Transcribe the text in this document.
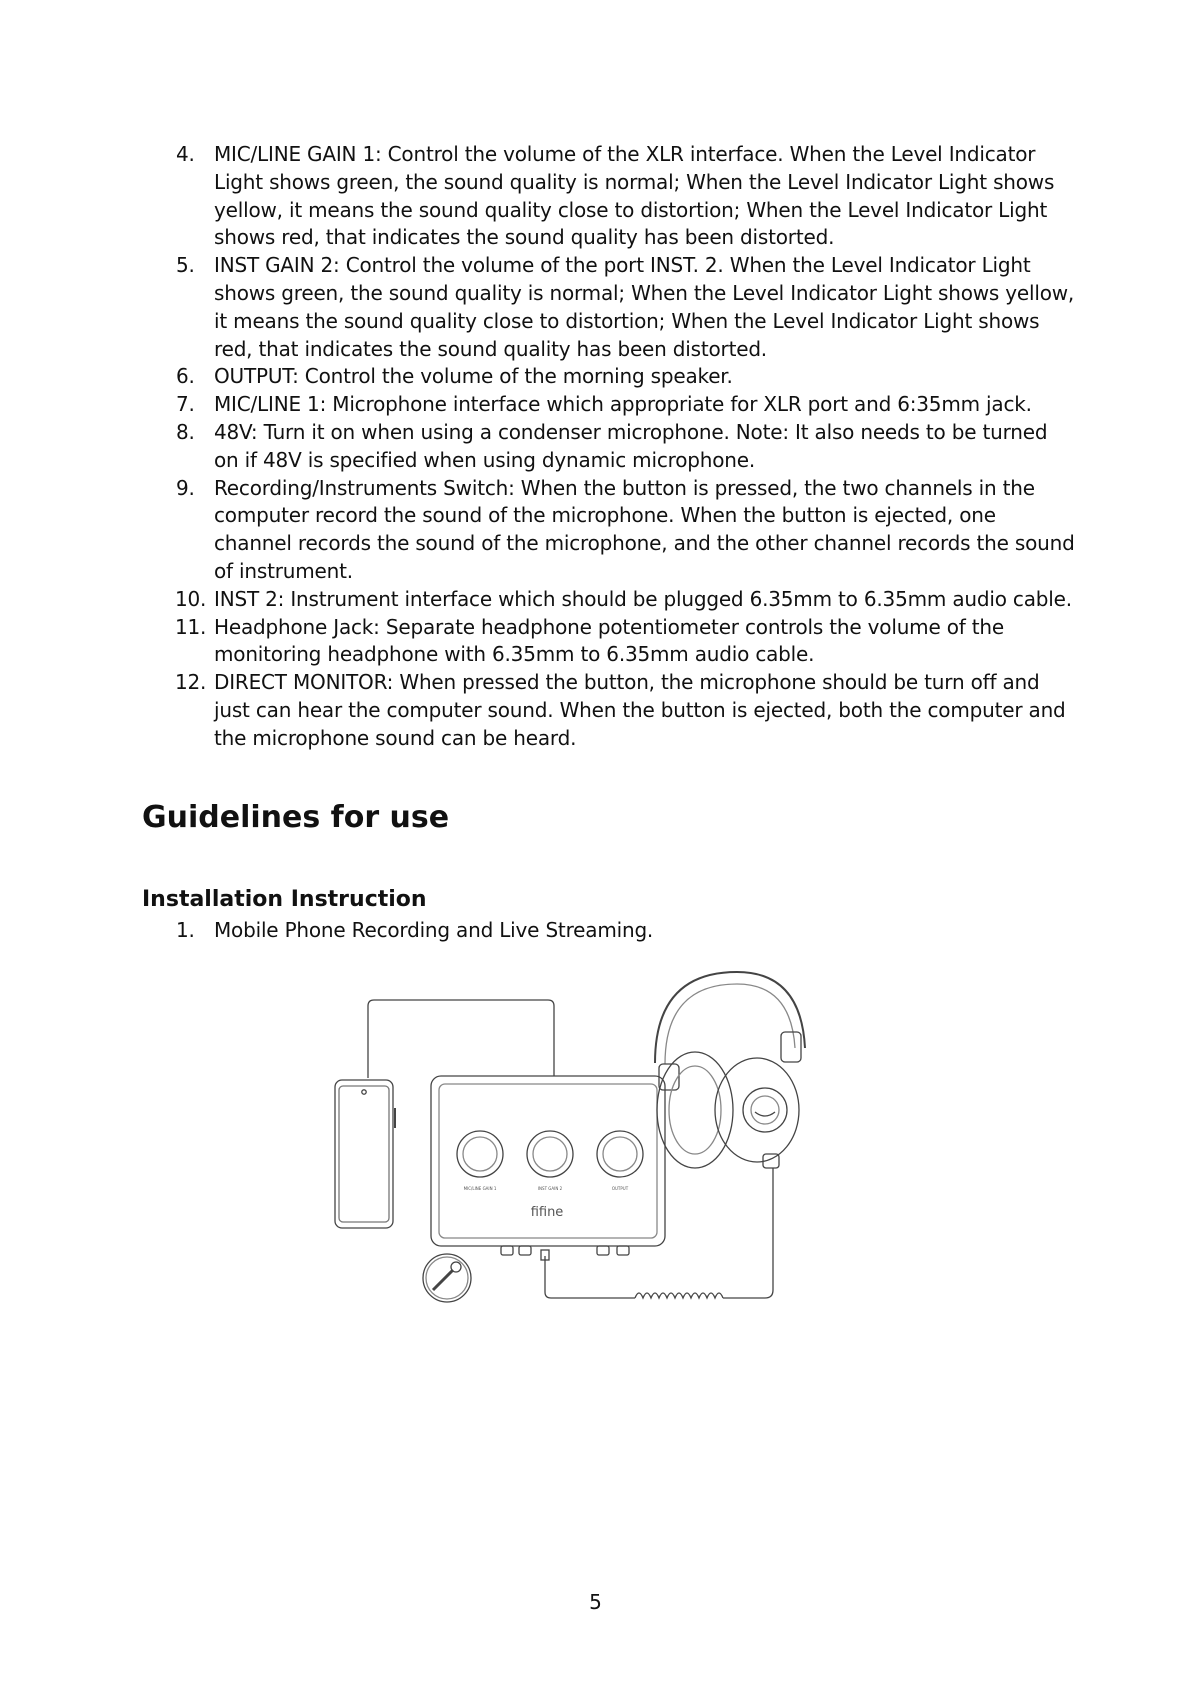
4. MIC/LINE GAIN 1: Control the volume of the XLR interface. When the Level Indicator Light shows green, the sound quality is normal; When the Level Indicator Light shows yellow, it means the sound quality close to distortion; When the Level Indicator Light shows red, that indicates the sound quality has been distorted.
5. INST GAIN 2: Control the volume of the port INST. 2. When the Level Indicator Light shows green, the sound quality is normal; When the Level Indicator Light shows yellow, it means the sound quality close to distortion; When the Level Indicator Light shows red, that indicates the sound quality has been distorted.
6. OUTPUT: Control the volume of the morning speaker.
7. MIC/LINE 1: Microphone interface which appropriate for XLR port and 6:35mm jack.
8. 48V: Turn it on when using a condenser microphone. Note: It also needs to be turned on if 48V is specified when using dynamic microphone.
9. Recording/Instruments Switch: When the button is pressed, the two channels in the computer record the sound of the microphone. When the button is ejected, one channel records the sound of the microphone, and the other channel records the sound of instrument.
10. INST 2: Instrument interface which should be plugged 6.35mm to 6.35mm audio cable.
11. Headphone Jack: Separate headphone potentiometer controls the volume of the monitoring headphone with 6.35mm to 6.35mm audio cable.
12. DIRECT MONITOR: When pressed the button, the microphone should be turn off and just can hear the computer sound. When the button is ejected, both the computer and the microphone sound can be heard.
Guidelines for use
Installation Instruction
1. Mobile Phone Recording and Live Streaming.
MIC/LINE GAIN 1	INST GAIN 2	OUTPUT
fifine
5
